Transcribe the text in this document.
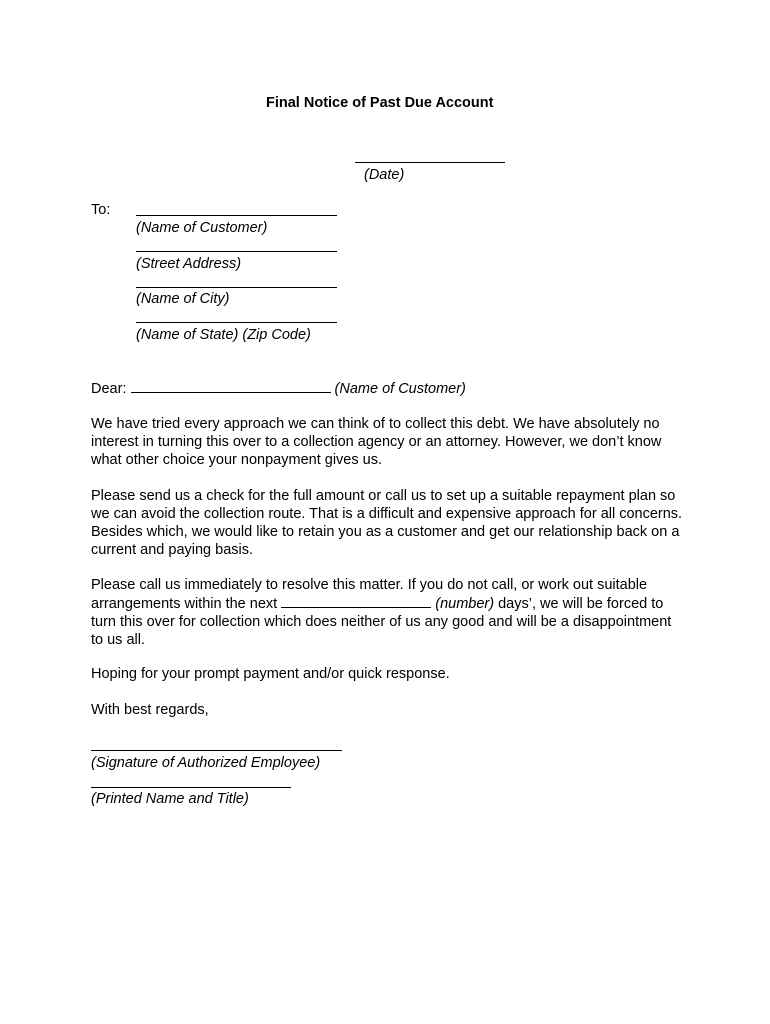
Final Notice of Past Due Account
(Date)
To:
(Name of Customer)
(Street Address)
(Name of City)
(Name of State) (Zip Code)
Dear:	(Name of Customer)

We have tried every approach we can think of to collect this debt. We have absolutely no interest in turning this over to a collection agency or an attorney. However, we don’t know what other choice your nonpayment gives us.

Please send us a check for the full amount or call us to set up a suitable repayment plan so we can avoid the collection route. That is a difficult and expensive approach for all concerns. Besides which, we would like to retain you as a customer and get our relationship back on a current and paying basis.

Please call us immediately to resolve this matter. If you do not call, or work out suitable arrangements within the next	(number) days’, we will be forced to turn this over for collection which does neither of us any good and will be a disappointment to us all.

Hoping for your prompt payment and/or quick response.
With best regards,
(Signature of Authorized Employee)
(Printed Name and Title)
